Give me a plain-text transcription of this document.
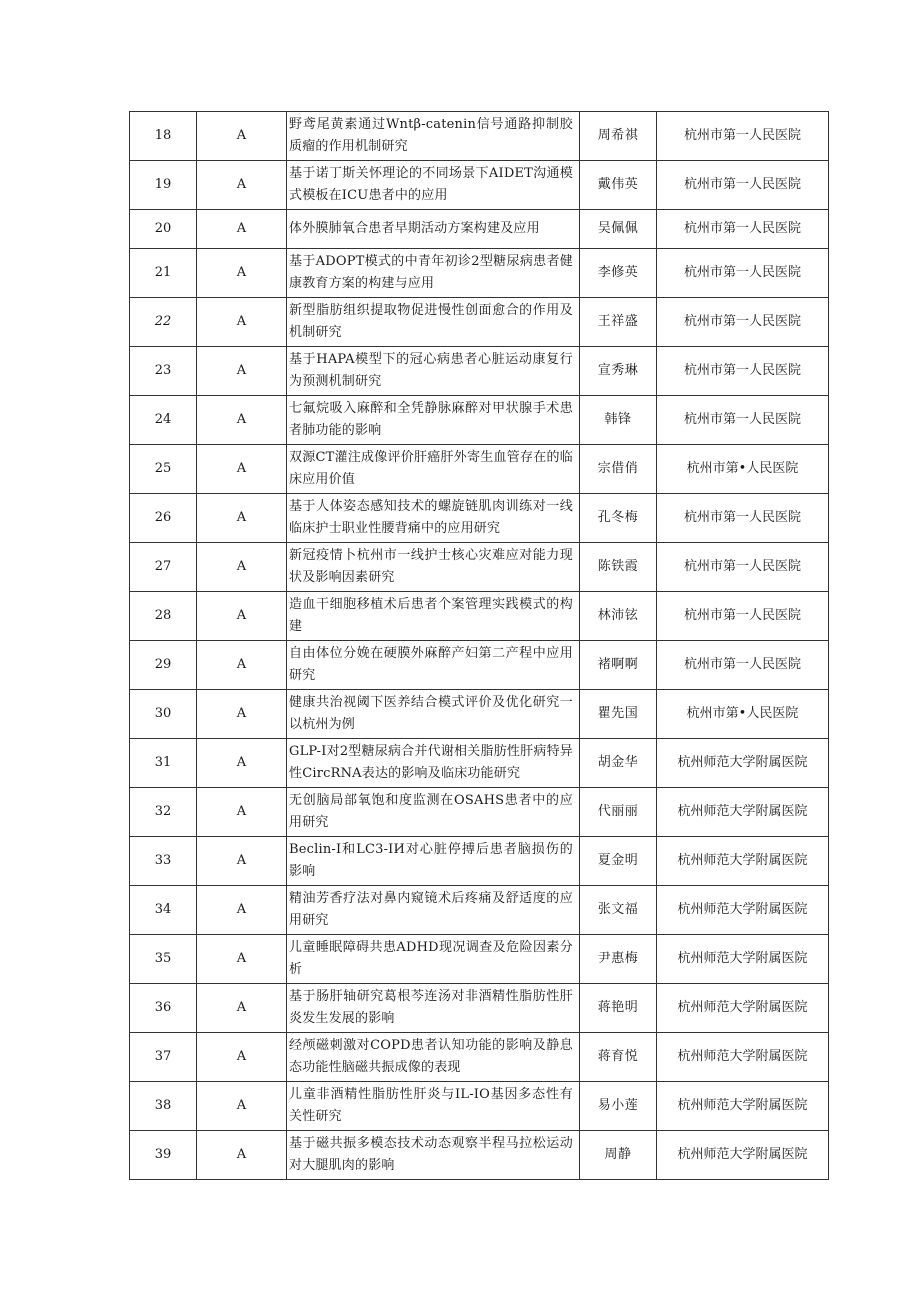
18	A	野鸢尾黄素通过Wntβ-catenin信号通路抑制胶质瘤的作用机制研究	周希祺	杭州市第一人民医院
19	A	基于诺丁斯关怀理论的不同场景下AIDET沟通模式模板在ICU患者中的应用	戴伟英	杭州市第一人民医院
20	A	体外膜肺氧合患者早期活动方案构建及应用	吴佩佩	杭州市第一人民医院
21	A	基于ADOPT模式的中青年初诊2型糖尿病患者健康教育方案的构建与应用	李修英	杭州市第一人民医院
22	A	新型脂肪组织提取物促进慢性创面愈合的作用及机制研究	王祥盛	杭州市第一人民医院
23	A	基于HAPA模型下的冠心病患者心脏运动康复行为预测机制研究	宣秀琳	杭州市第一人民医院
24	A	七氟烷吸入麻醉和全凭静脉麻醉对甲状腺手术患者肺功能的影响	韩锋	杭州市第一人民医院
25	A	双源CT灌注成像评价肝癌肝外寄生血管存在的临床应用价值	宗借俏	杭州市第•人民医院
26	A	基于人体姿态感知技术的螺旋链肌肉训练对一线临床护士职业性腰背痛中的应用研究	孔冬梅	杭州市第一人民医院
27	A	新冠疫情卜杭州市一线护士核心灾难应对能力现状及影响因素研究	陈铁霞	杭州市第一人民医院
28	A	造血干细胞移植术后患者个案管理实践模式的构建	林沛铉	杭州市第一人民医院
29	A	自由体位分娩在硬膜外麻醉产妇第二产程中应用研究	褚啊啊	杭州市第一人民医院
30	A	健康共治视阈下医养结合模式评价及优化研究一以杭州为例	瞿先国	杭州市第•人民医院
31	A	GLP-I对2型糖尿病合并代谢相关脂肪性肝病特异性CircRNA表达的影响及临床功能研究	胡金华	杭州师范大学附属医院
32	A	无创脑局部氧饱和度监测在OSAHS患者中的应用研究	代丽丽	杭州师范大学附属医院
33	A	Beclin-I和LC3-IИ对心脏停搏后患者脑损伤的影响	夏金明	杭州师范大学附属医院
34	A	精油芳香疗法对鼻内窥镜术后疼痛及舒适度的应用研究	张文福	杭州师范大学附属医院
35	A	儿童睡眠障碍共患ADHD现况调查及危险因素分析	尹惠梅	杭州师范大学附属医院
36	A	基于肠肝轴研究葛根芩连汤对非酒精性脂肪性肝炎发生发展的影响	蒋艳明	杭州师范大学附属医院
37	A	经颅磁刺激对COPD患者认知功能的影响及静息态功能性脑磁共振成像的表现	蒋育悦	杭州师范大学附属医院
38	A	儿童非酒精性脂肪性肝炎与IL-IO基因多态性有关性研究	易小莲	杭州师范大学附属医院
39	A	基于磁共振多模态技术动态观察半程马拉松运动对大腿肌肉的影响	周静	杭州师范大学附属医院
